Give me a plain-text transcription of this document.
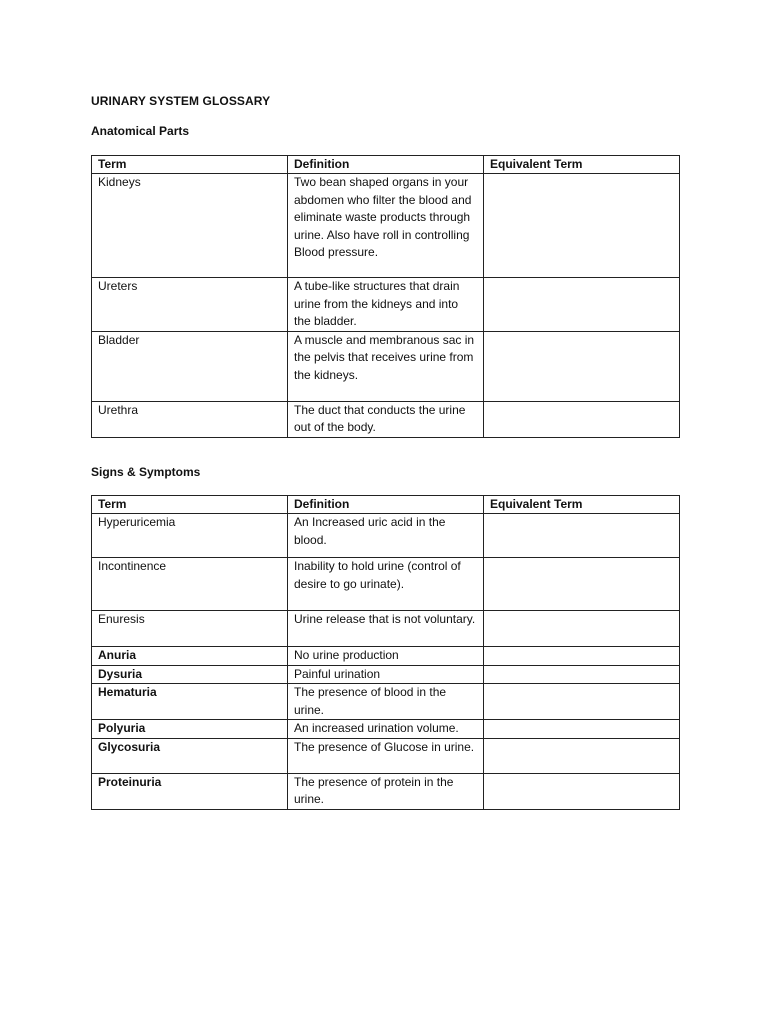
URINARY SYSTEM GLOSSARY
Anatomical Parts
Term	Definition	Equivalent Term
Kidneys	Two bean shaped organs in your abdomen who filter the blood and eliminate waste products through urine. Also have roll in controlling Blood pressure.	
Ureters	A tube-like structures that drain urine from the kidneys and into the bladder.	
Bladder	A muscle and membranous sac in the pelvis that receives urine from the kidneys.	
Urethra	The duct that conducts the urine out of the body.	
Signs & Symptoms
Term	Definition	Equivalent Term
Hyperuricemia	An Increased uric acid in the blood.	
Incontinence	Inability to hold urine (control of desire to go urinate).	
Enuresis	Urine release that is not voluntary.	
Anuria	No urine production	
Dysuria	Painful urination	
Hematuria	The presence of blood in the urine.	
Polyuria	An increased urination volume.	
Glycosuria	The presence of Glucose in urine.	
Proteinuria	The presence of protein in the urine.	
